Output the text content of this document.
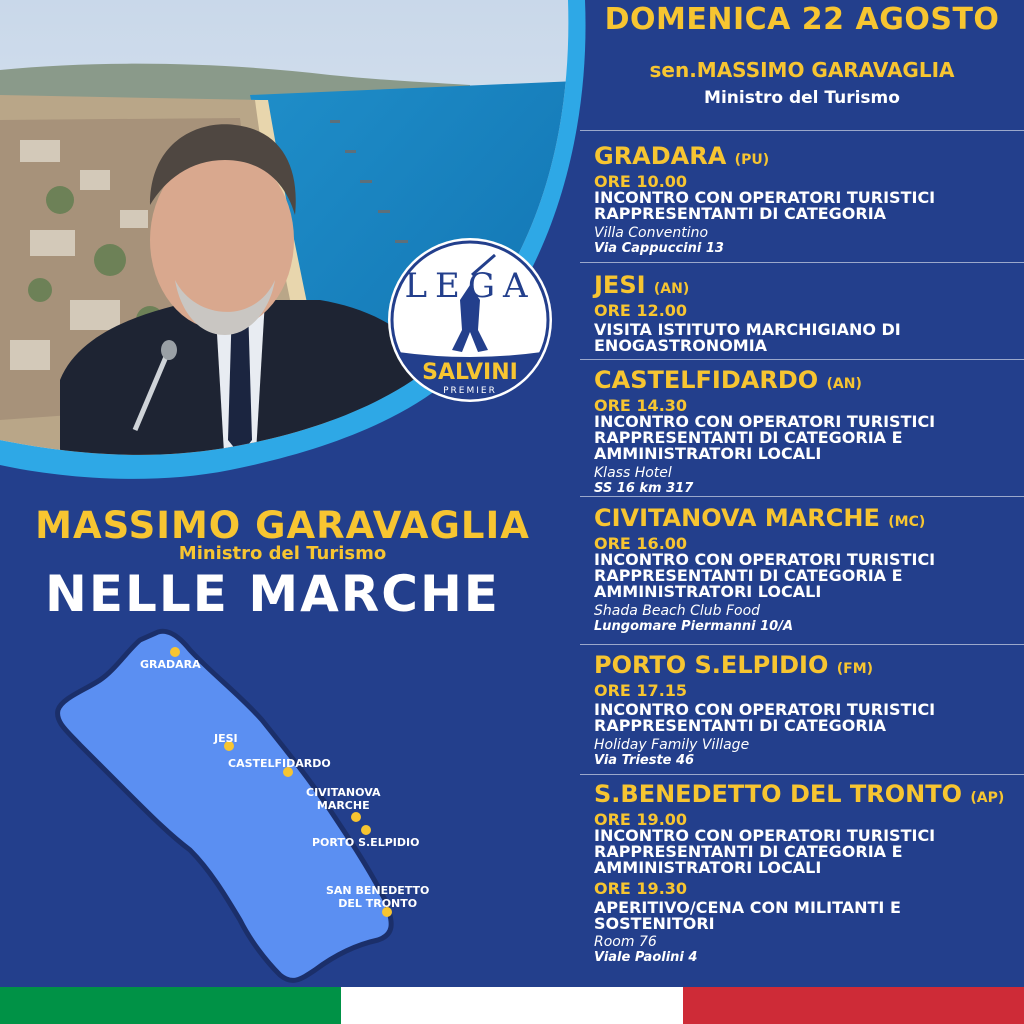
LEGA
SALVINI
PREMIER
MASSIMO GARAVAGLIA
Ministro del Turismo
NELLE MARCHE
GRADARA
JESI
CASTELFIDARDO
CIVITANOVA
MARCHE
PORTO S.ELPIDIO
SAN BENEDETTO
DEL TRONTO
DOMENICA 22 AGOSTO
sen.MASSIMO GARAVAGLIA
Ministro del Turismo
GRADARA (PU)
ORE 10.00
INCONTRO CON OPERATORI TURISTICI
RAPPRESENTANTI DI CATEGORIA
Villa Conventino
Via Cappuccini 13
JESI (AN)
ORE 12.00
VISITA ISTITUTO MARCHIGIANO DI
ENOGASTRONOMIA
CASTELFIDARDO (AN)
ORE 14.30
INCONTRO CON OPERATORI TURISTICI
RAPPRESENTANTI DI CATEGORIA E
AMMINISTRATORI LOCALI
Klass Hotel
SS 16 km 317
CIVITANOVA MARCHE (MC)
ORE 16.00
INCONTRO CON OPERATORI TURISTICI
RAPPRESENTANTI DI CATEGORIA E
AMMINISTRATORI LOCALI
Shada Beach Club Food
Lungomare Piermanni 10/A
PORTO S.ELPIDIO (FM)
ORE 17.15
INCONTRO CON OPERATORI TURISTICI
RAPPRESENTANTI DI CATEGORIA
Holiday Family Village
Via Trieste 46
S.BENEDETTO DEL TRONTO (AP)
ORE 19.00
INCONTRO CON OPERATORI TURISTICI
RAPPRESENTANTI DI CATEGORIA E
AMMINISTRATORI LOCALI
ORE 19.30
APERITIVO/CENA CON MILITANTI E
SOSTENITORI
Room 76
Viale Paolini 4
